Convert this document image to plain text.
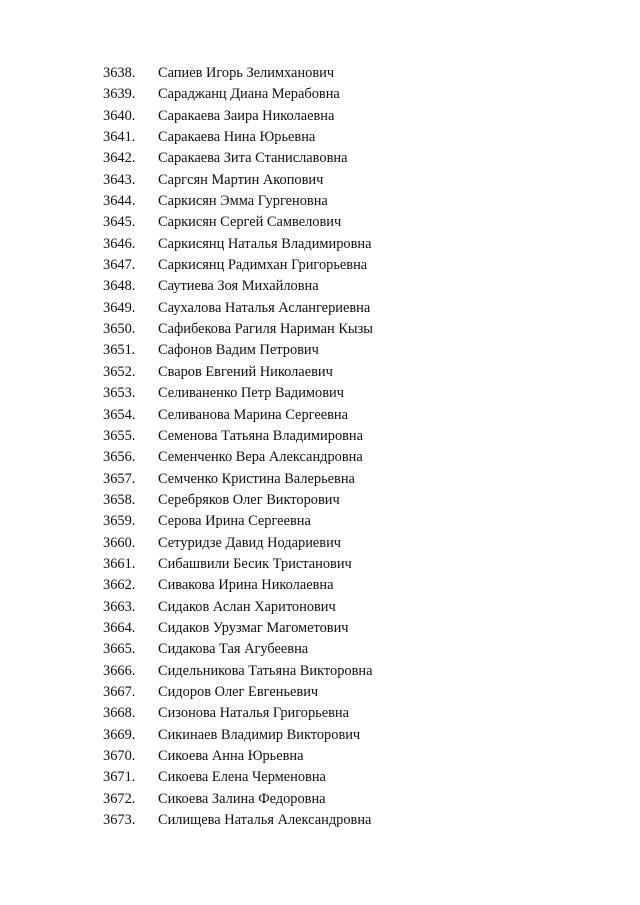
3638. Сапиев Игорь Зелимханович
3639. Сараджанц Диана Мерабовна
3640. Саракаева Заира Николаевна
3641. Саракаева Нина Юрьевна
3642. Саракаева Зита Станиславовна
3643. Саргсян Мартин Акопович
3644. Саркисян Эмма Гургеновна
3645. Саркисян Сергей Самвелович
3646. Саркисянц Наталья Владимировна
3647. Саркисянц Радимхан Григорьевна
3648. Саутиева Зоя Михайловна
3649. Саухалова Наталья Аслангериевна
3650. Сафибекова Рагиля Нариман Кызы
3651. Сафонов Вадим Петрович
3652. Сваров Евгений Николаевич
3653. Селиваненко Петр Вадимович
3654. Селиванова Марина Сергеевна
3655. Семенова Татьяна Владимировна
3656. Семенченко Вера Александровна
3657. Семченко Кристина Валерьевна
3658. Серебряков Олег Викторович
3659. Серова Ирина Сергеевна
3660. Сетуридзе Давид Нодариевич
3661. Сибашвили Бесик Тристанович
3662. Сивакова Ирина Николаевна
3663. Сидаков Аслан Харитонович
3664. Сидаков Урузмаг Магометович
3665. Сидакова Тая Агубеевна
3666. Сидельникова Татьяна Викторовна
3667. Сидоров Олег Евгеньевич
3668. Сизонова Наталья Григорьевна
3669. Сикинаев Владимир Викторович
3670. Сикоева Анна Юрьевна
3671. Сикоева Елена Черменовна
3672. Сикоева Залина Федоровна
3673. Силищева Наталья Александровна
